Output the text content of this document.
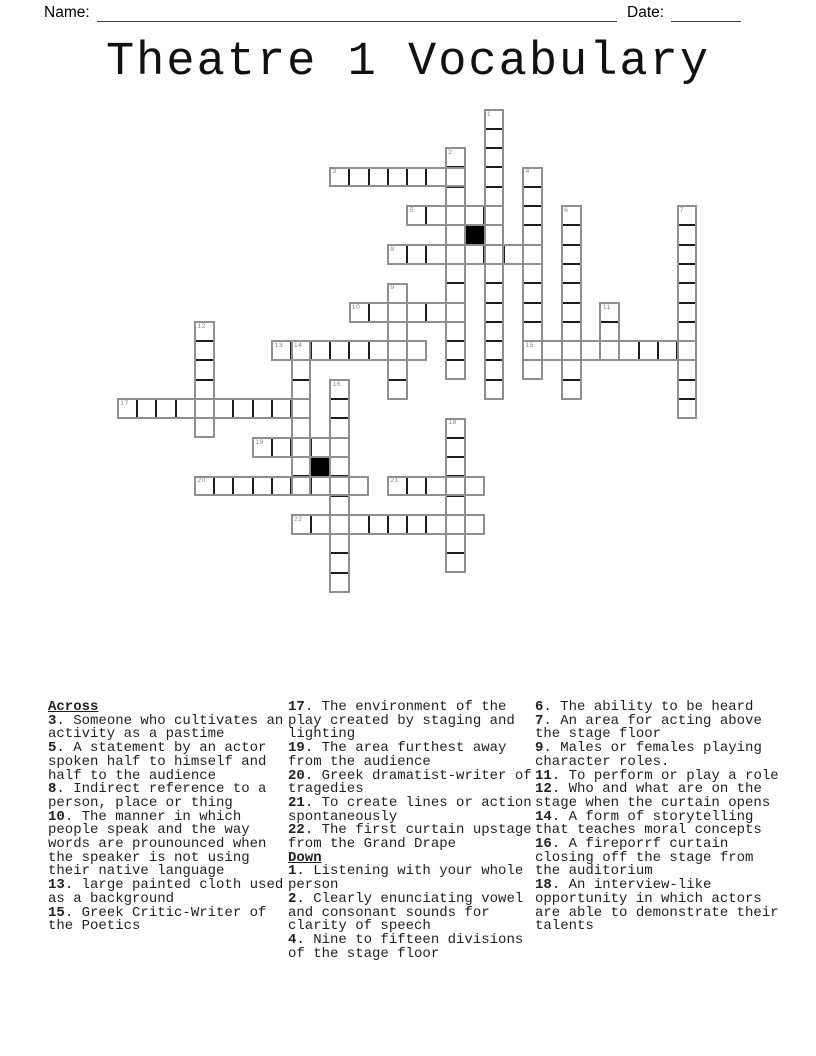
Name:	Date:
Theatre 1 Vocabulary
1
2
3	4
15
5	6	7
8
9
10	11
12
13 14
16
17
18
19
20	21
22
Across
3. Someone who cultivates an activity as a pastime
5. A statement by an actor spoken half to himself and half to the audience
8. Indirect reference to a person, place or thing
10. The manner in which people speak and the way words are prounounced when the speaker is not using their native language
13. large painted cloth used as a background
15. Greek Critic-Writer of the Poetics
17. The environment of the play created by staging and lighting
19. The area furthest away from the audience
20. Greek dramatist-writer of tragedies
21. To create lines or action spontaneously
22. The first curtain upstage from the Grand Drape
Down
1. Listening with your whole person
2. Clearly enunciating vowel and consonant sounds for clarity of speech
4. Nine to fifteen divisions of the stage floor
6. The ability to be heard
7. An area for acting above the stage floor
9. Males or females playing character roles.
11. To perform or play a role
12. Who and what are on the stage when the curtain opens
14. A form of storytelling that teaches moral concepts
16. A fireporrf curtain closing off the stage from the auditorium
18. An interview-like opportunity in which actors are able to demonstrate their talents
